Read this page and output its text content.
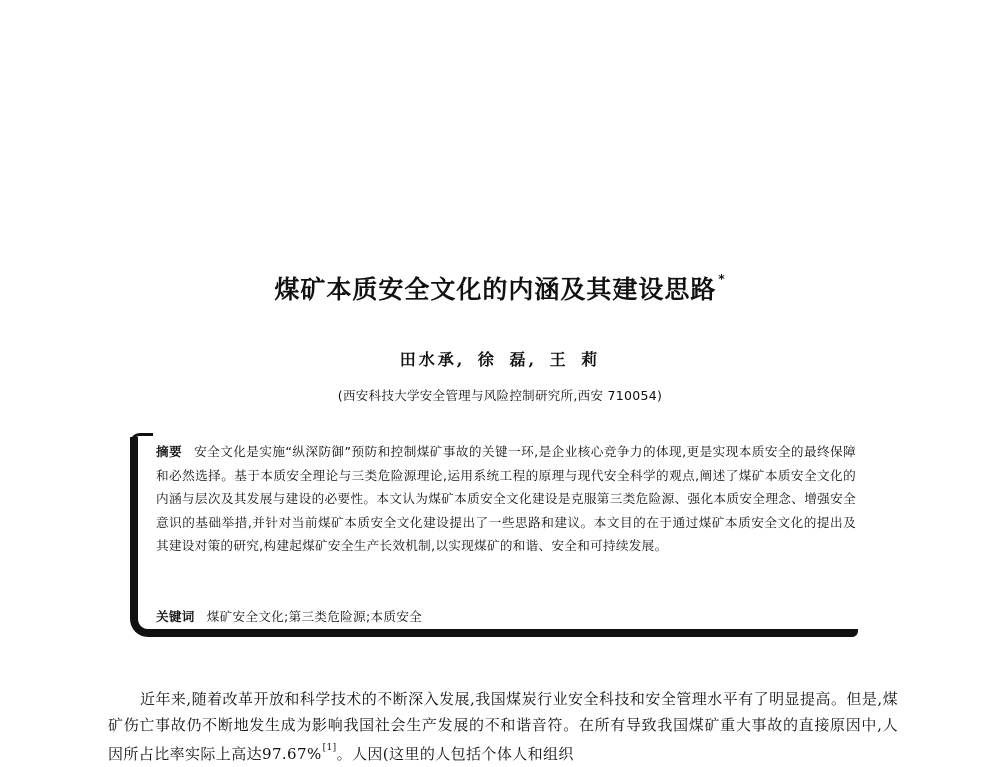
煤矿本质安全文化的内涵及其建设思路 *
田水承, 徐 磊, 王 莉
(西安科技大学安全管理与风险控制研究所,西安 710054)
摘要 安全文化是实施“纵深防御”预防和控制煤矿事故的关键一环,是企业核心竞争力的体现,更是实现本质安全的最终保障和必然选择。基于本质安全理论与三类危险源理论,运用系统工程的原理与现代安全科学的观点,阐述了煤矿本质安全文化的内涵与层次及其发展与建设的必要性。本文认为煤矿本质安全文化建设是克服第三类危险源、强化本质安全理念、增强安全意识的基础举措,并针对当前煤矿本质安全文化建设提出了一些思路和建议。本文目的在于通过煤矿本质安全文化的提出及其建设对策的研究,构建起煤矿安全生产长效机制,以实现煤矿的和谐、安全和可持续发展。
关键词 煤矿安全文化;第三类危险源;本质安全
近年来,随着改革开放和科学技术的不断深入发展,我国煤炭行业安全科技和安全管理水平有了明显提高。但是,煤矿伤亡事故仍不断地发生成为影响我国社会生产发展的不和谐音符。在所有导致我国煤矿重大事故的直接原因中,人因所占比率实际上高达97.67%[1]。人因(这里的人包括个体人和组织
